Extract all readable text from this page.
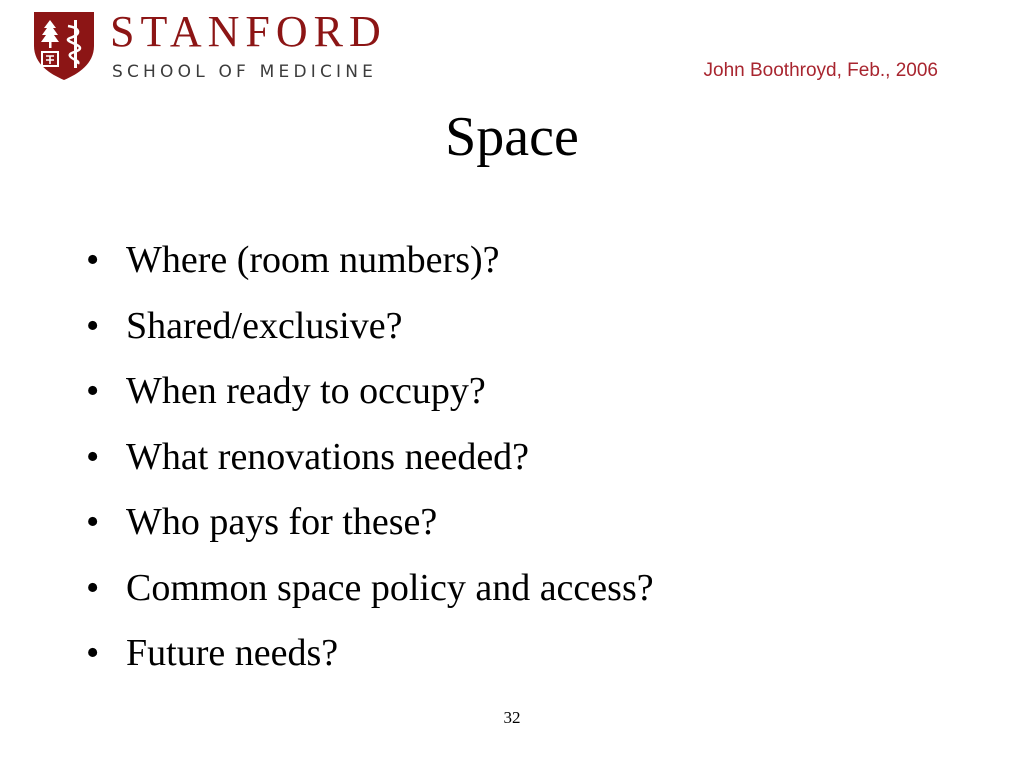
STANFORD
SCHOOL OF MEDICINE	John Boothroyd, Feb., 2006
Space
• Where (room numbers)?
• Shared/exclusive?
• When ready to occupy?
• What renovations needed?
• Who pays for these?
• Common space policy and access?
• Future needs?
32
